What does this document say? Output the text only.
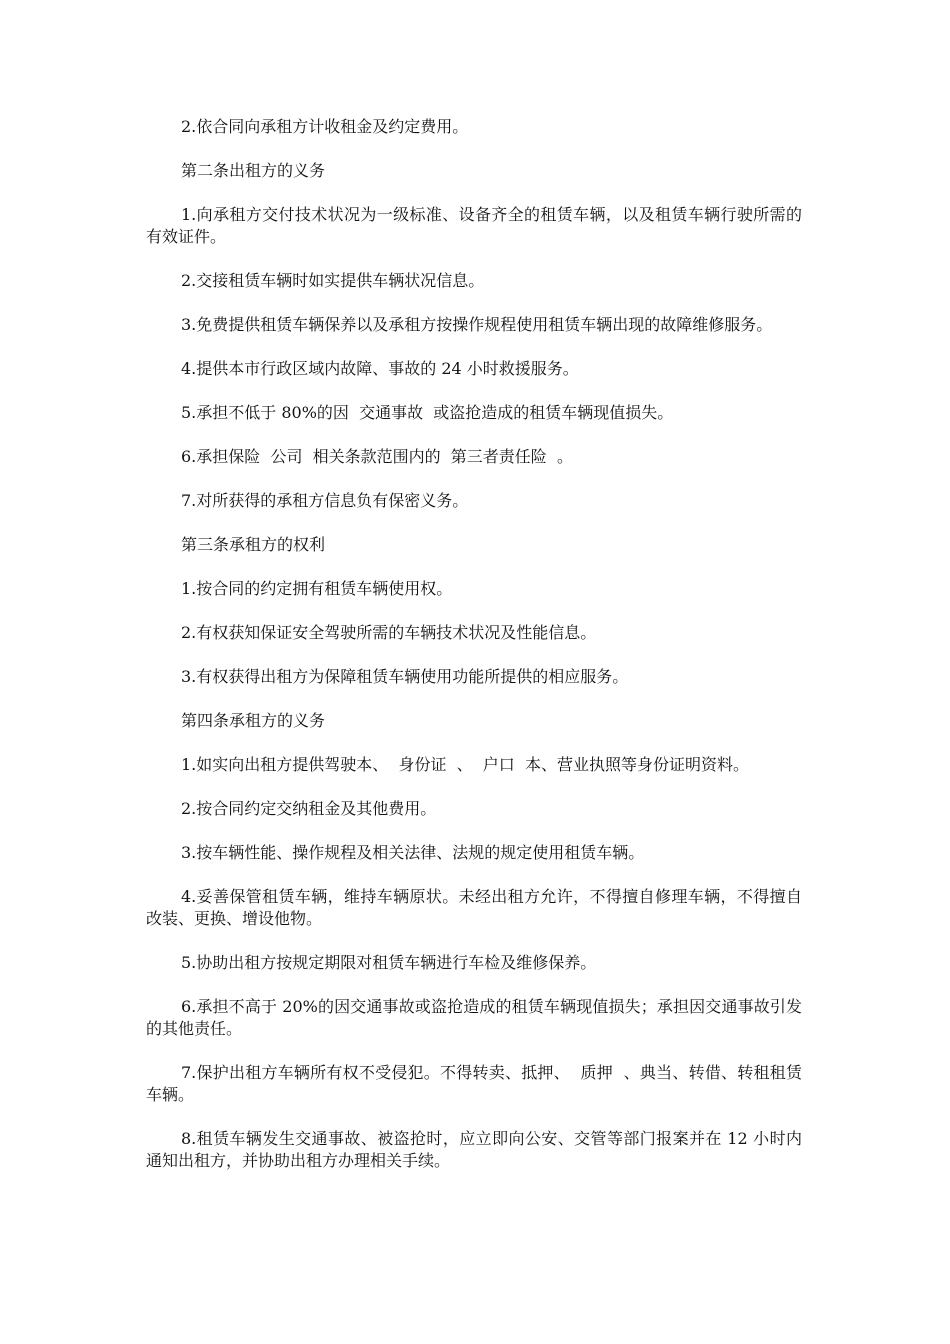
2.依合同向承租方计收租金及约定费用。

第二条出租方的义务

1.向承租方交付技术状况为一级标准、设备齐全的租赁车辆，以及租赁车辆行驶所需的有效证件。

2.交接租赁车辆时如实提供车辆状况信息。

3.免费提供租赁车辆保养以及承租方按操作规程使用租赁车辆出现的故障维修服务。

4.提供本市行政区域内故障、事故的 24 小时救援服务。

5.承担不低于 80%的因  交通事故  或盗抢造成的租赁车辆现值损失。

6.承担保险  公司  相关条款范围内的  第三者责任险  。

7.对所获得的承租方信息负有保密义务。

第三条承租方的权利

1.按合同的约定拥有租赁车辆使用权。

2.有权获知保证安全驾驶所需的车辆技术状况及性能信息。

3.有权获得出租方为保障租赁车辆使用功能所提供的相应服务。

第四条承租方的义务

1.如实向出租方提供驾驶本、  身份证  、  户口  本、营业执照等身份证明资料。

2.按合同约定交纳租金及其他费用。

3.按车辆性能、操作规程及相关法律、法规的规定使用租赁车辆。

4.妥善保管租赁车辆，维持车辆原状。未经出租方允许，不得擅自修理车辆，不得擅自改装、更换、增设他物。

5.协助出租方按规定期限对租赁车辆进行车检及维修保养。

6.承担不高于 20%的因交通事故或盗抢造成的租赁车辆现值损失；承担因交通事故引发的其他责任。

7.保护出租方车辆所有权不受侵犯。不得转卖、抵押、  质押  、典当、转借、转租租赁车辆。

8.租赁车辆发生交通事故、被盗抢时，应立即向公安、交管等部门报案并在 12 小时内通知出租方，并协助出租方办理相关手续。
